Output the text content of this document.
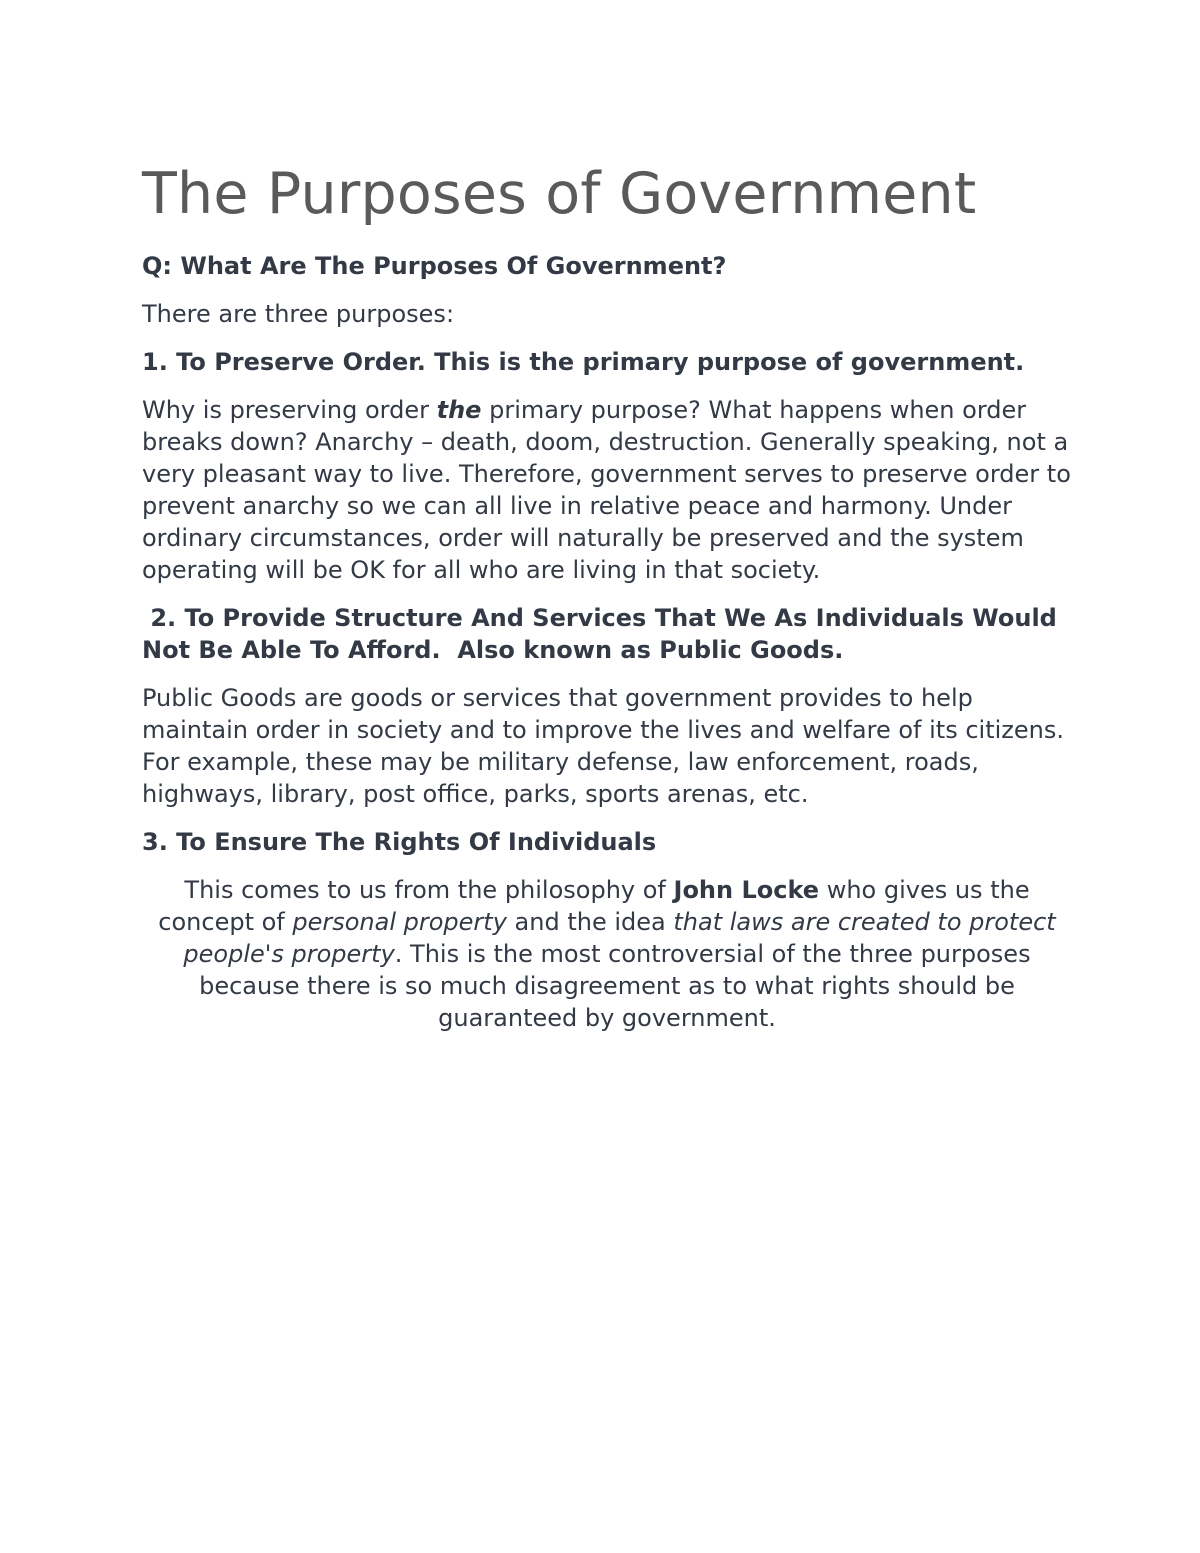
The Purposes of Government
Q: What Are The Purposes Of Government?
There are three purposes:
1. To Preserve Order. This is the primary purpose of government.
Why is preserving order the primary purpose? What happens when order breaks down? Anarchy – death, doom, destruction. Generally speaking, not a very pleasant way to live. Therefore, government serves to preserve order to prevent anarchy so we can all live in relative peace and harmony. Under ordinary circumstances, order will naturally be preserved and the system operating will be OK for all who are living in that society.
2. To Provide Structure And Services That We As Individuals Would Not Be Able To Afford.  Also known as Public Goods.
Public Goods are goods or services that government provides to help maintain order in society and to improve the lives and welfare of its citizens. For example, these may be military defense, law enforcement, roads, highways, library, post office, parks, sports arenas, etc.
3. To Ensure The Rights Of Individuals
This comes to us from the philosophy of John Locke who gives us the concept of personal property and the idea that laws are created to protect people's property. This is the most controversial of the three purposes because there is so much disagreement as to what rights should be guaranteed by government.
